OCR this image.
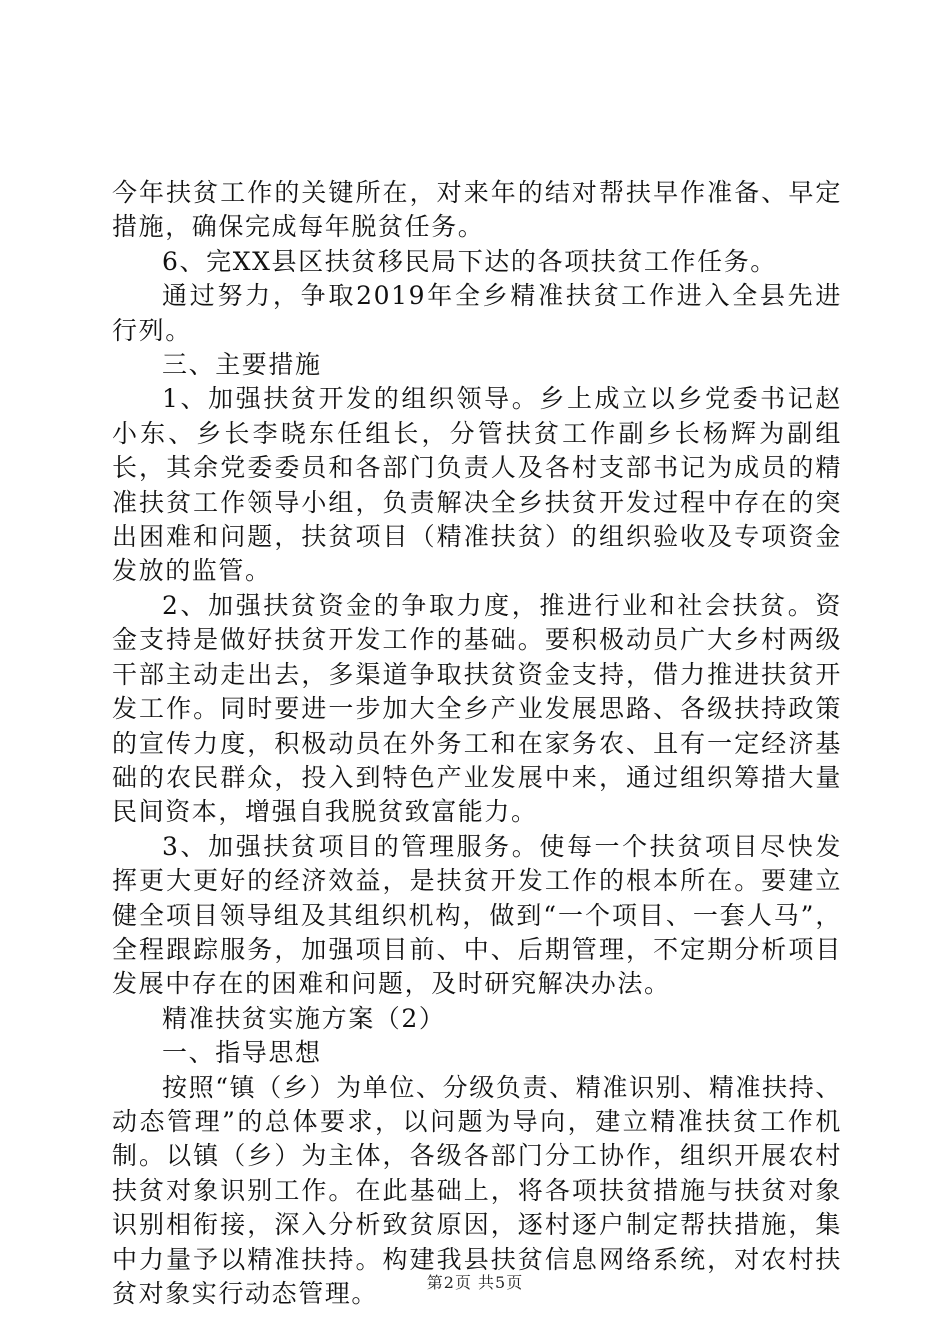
今年扶贫工作的关键所在，对来年的结对帮扶早作准备、早定措施，确保完成每年脱贫任务。

6、完XX县区扶贫移民局下达的各项扶贫工作任务。

通过努力，争取2019年全乡精准扶贫工作进入全县先进行列。

三、主要措施

1、加强扶贫开发的组织领导。乡上成立以乡党委书记赵小东、乡长李晓东任组长，分管扶贫工作副乡长杨辉为副组长，其余党委委员和各部门负责人及各村支部书记为成员的精准扶贫工作领导小组，负责解决全乡扶贫开发过程中存在的突出困难和问题，扶贫项目（精准扶贫）的组织验收及专项资金发放的监管。

2、加强扶贫资金的争取力度，推进行业和社会扶贫。资金支持是做好扶贫开发工作的基础。要积极动员广大乡村两级干部主动走出去，多渠道争取扶贫资金支持，借力推进扶贫开发工作。同时要进一步加大全乡产业发展思路、各级扶持政策的宣传力度，积极动员在外务工和在家务农、且有一定经济基础的农民群众，投入到特色产业发展中来，通过组织筹措大量民间资本，增强自我脱贫致富能力。

3、加强扶贫项目的管理服务。使每一个扶贫项目尽快发挥更大更好的经济效益，是扶贫开发工作的根本所在。要建立健全项目领导组及其组织机构，做到“一个项目、一套人马”，全程跟踪服务，加强项目前、中、后期管理，不定期分析项目发展中存在的困难和问题，及时研究解决办法。

精准扶贫实施方案（2）

一、指导思想

按照“镇（乡）为单位、分级负责、精准识别、精准扶持、动态管理”的总体要求，以问题为导向，建立精准扶贫工作机制。以镇（乡）为主体，各级各部门分工协作，组织开展农村扶贫对象识别工作。在此基础上，将各项扶贫措施与扶贫对象识别相衔接，深入分析致贫原因，逐村逐户制定帮扶措施，集中力量予以精准扶持。构建我县扶贫信息网络系统，对农村扶贫对象实行动态管理。	第2页 共5页
